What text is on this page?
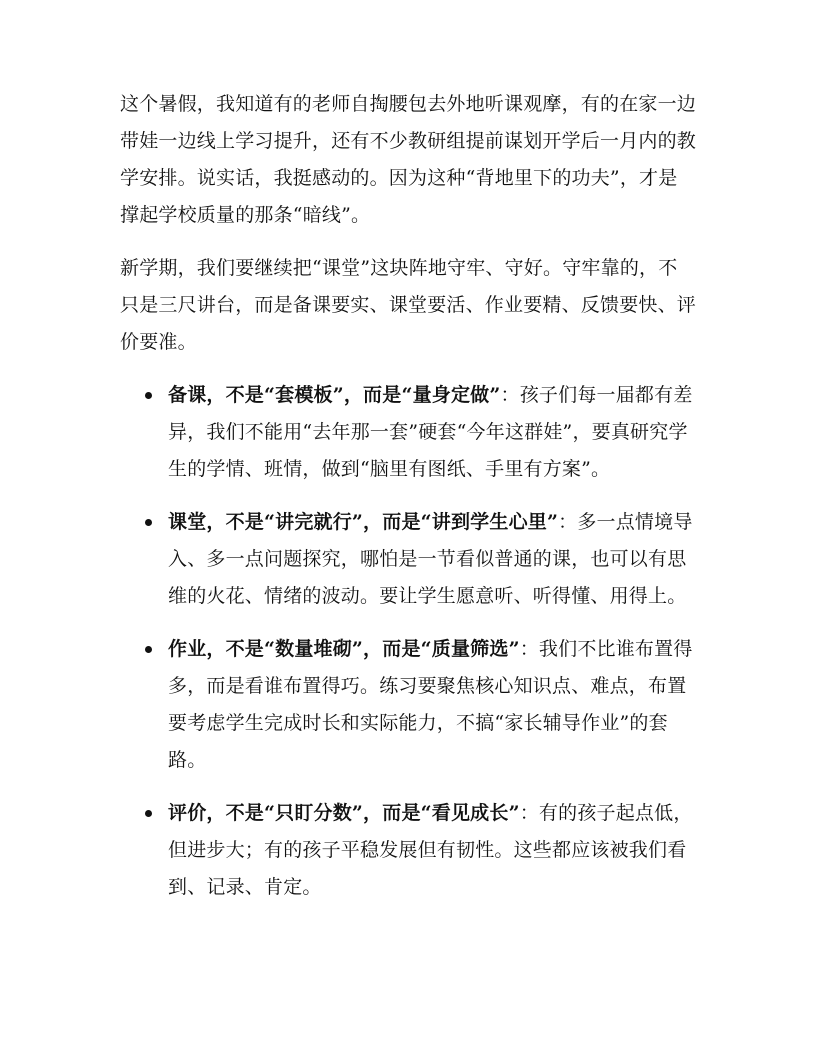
这个暑假，我知道有的老师自掏腰包去外地听课观摩，有的在家一边带娃一边线上学习提升，还有不少教研组提前谋划开学后一月内的教学安排。说实话，我挺感动的。因为这种“背地里下的功夫”，才是撑起学校质量的那条“暗线”。

新学期，我们要继续把“课堂”这块阵地守牢、守好。守牢靠的，不只是三尺讲台，而是备课要实、课堂要活、作业要精、反馈要快、评价要准。

备课，不是“套模板”，而是“量身定做”：孩子们每一届都有差异，我们不能用“去年那一套”硬套“今年这群娃”，要真研究学生的学情、班情，做到“脑里有图纸、手里有方案”。
课堂，不是“讲完就行”，而是“讲到学生心里”：多一点情境导入、多一点问题探究，哪怕是一节看似普通的课，也可以有思维的火花、情绪的波动。要让学生愿意听、听得懂、用得上。
作业，不是“数量堆砌”，而是“质量筛选”：我们不比谁布置得多，而是看谁布置得巧。练习要聚焦核心知识点、难点，布置要考虑学生完成时长和实际能力，不搞“家长辅导作业”的套路。
评价，不是“只盯分数”，而是“看见成长”：有的孩子起点低，但进步大；有的孩子平稳发展但有韧性。这些都应该被我们看到、记录、肯定。
